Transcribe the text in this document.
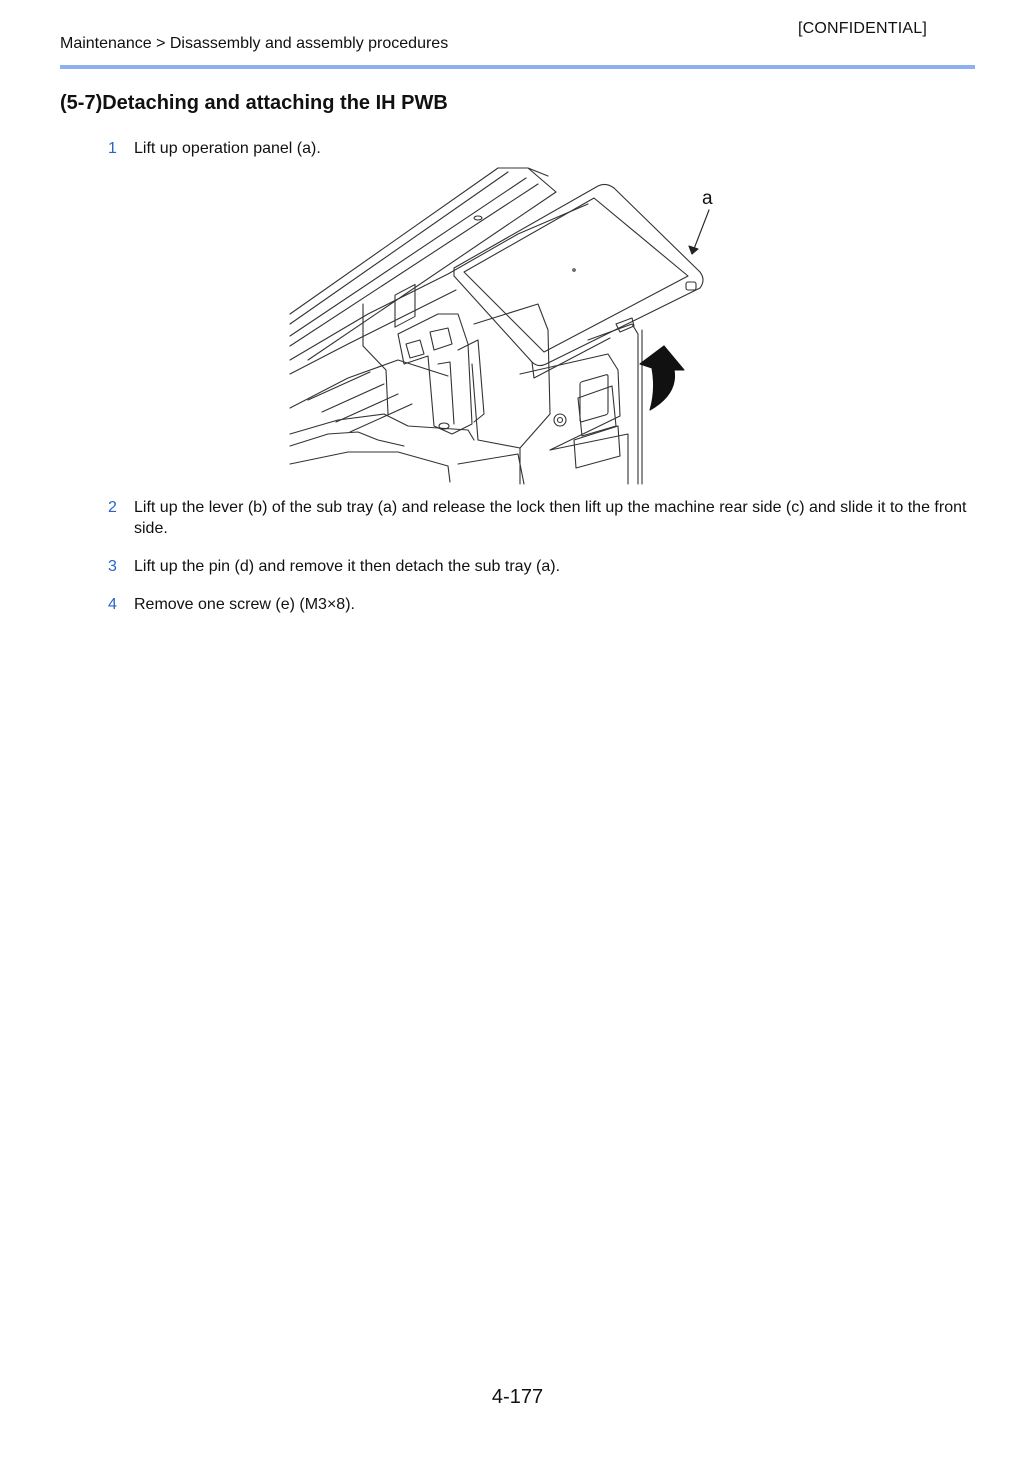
[CONFIDENTIAL]
Maintenance > Disassembly and assembly procedures
(5-7)Detaching and attaching the IH PWB
1 Lift up operation panel (a).
a
2 Lift up the lever (b) of the sub tray (a) and release the lock then lift up the machine rear side (c) and slide it to the front side.
3 Lift up the pin (d) and remove it then detach the sub tray (a).
4 Remove one screw (e) (M3×8).
4-177
